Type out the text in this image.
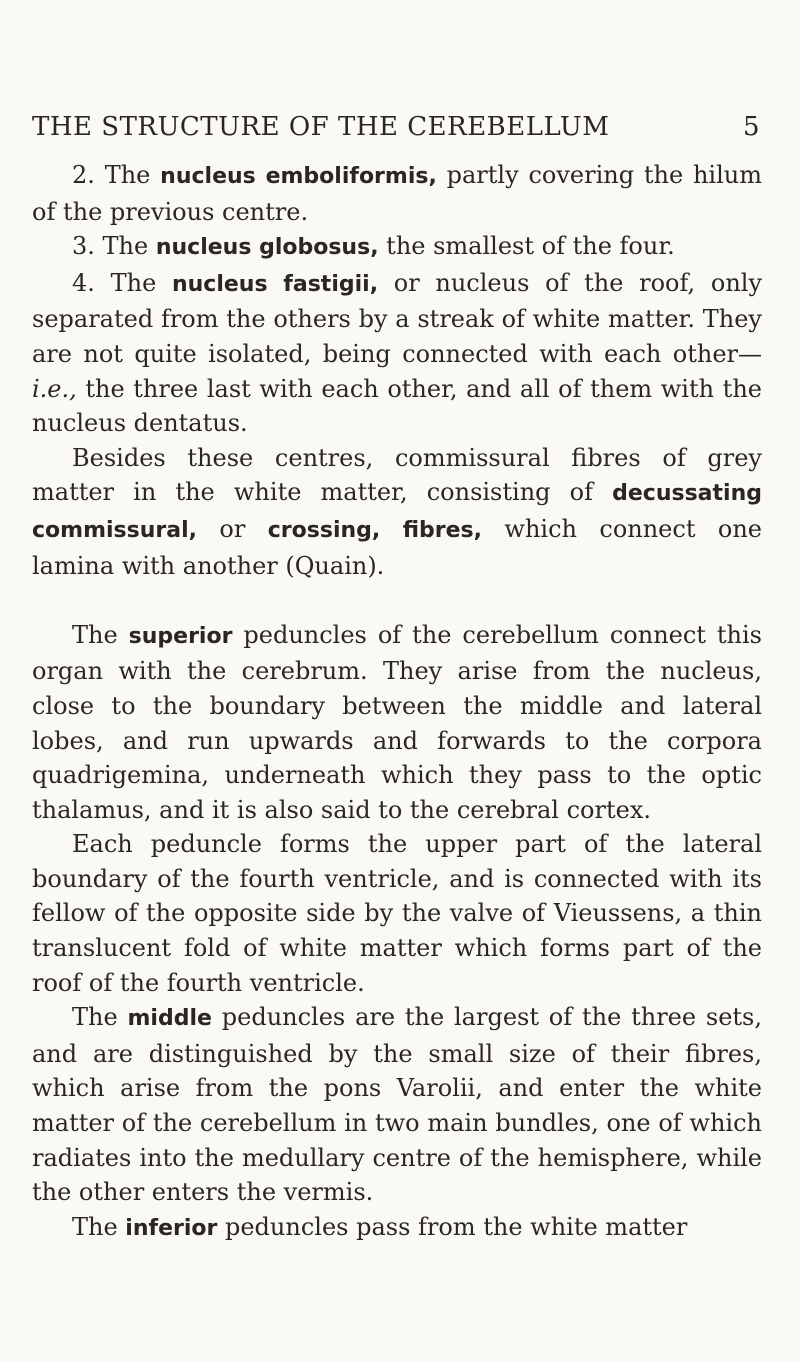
THE STRUCTURE OF THE CEREBELLUM	5

2. The nucleus emboliformis, partly covering the hilum of the previous centre.

3. The nucleus globosus, the smallest of the four.

4. The nucleus fastigii, or nucleus of the roof, only separated from the others by a streak of white matter. They are not quite isolated, being connected with each other—i.e., the three last with each other, and all of them with the nucleus dentatus.

Besides these centres, commissural fibres of grey matter in the white matter, consisting of decussating commissural, or crossing, fibres, which connect one lamina with another (Quain).

The superior peduncles of the cerebellum connect this organ with the cerebrum. They arise from the nucleus, close to the boundary between the middle and lateral lobes, and run upwards and forwards to the corpora quadrigemina, underneath which they pass to the optic thalamus, and it is also said to the cerebral cortex.

Each peduncle forms the upper part of the lateral boundary of the fourth ventricle, and is connected with its fellow of the opposite side by the valve of Vieussens, a thin translucent fold of white matter which forms part of the roof of the fourth ventricle.

The middle peduncles are the largest of the three sets, and are distinguished by the small size of their fibres, which arise from the pons Varolii, and enter the white matter of the cerebellum in two main bundles, one of which radiates into the medullary centre of the hemisphere, while the other enters the vermis.

The inferior peduncles pass from the white matter
